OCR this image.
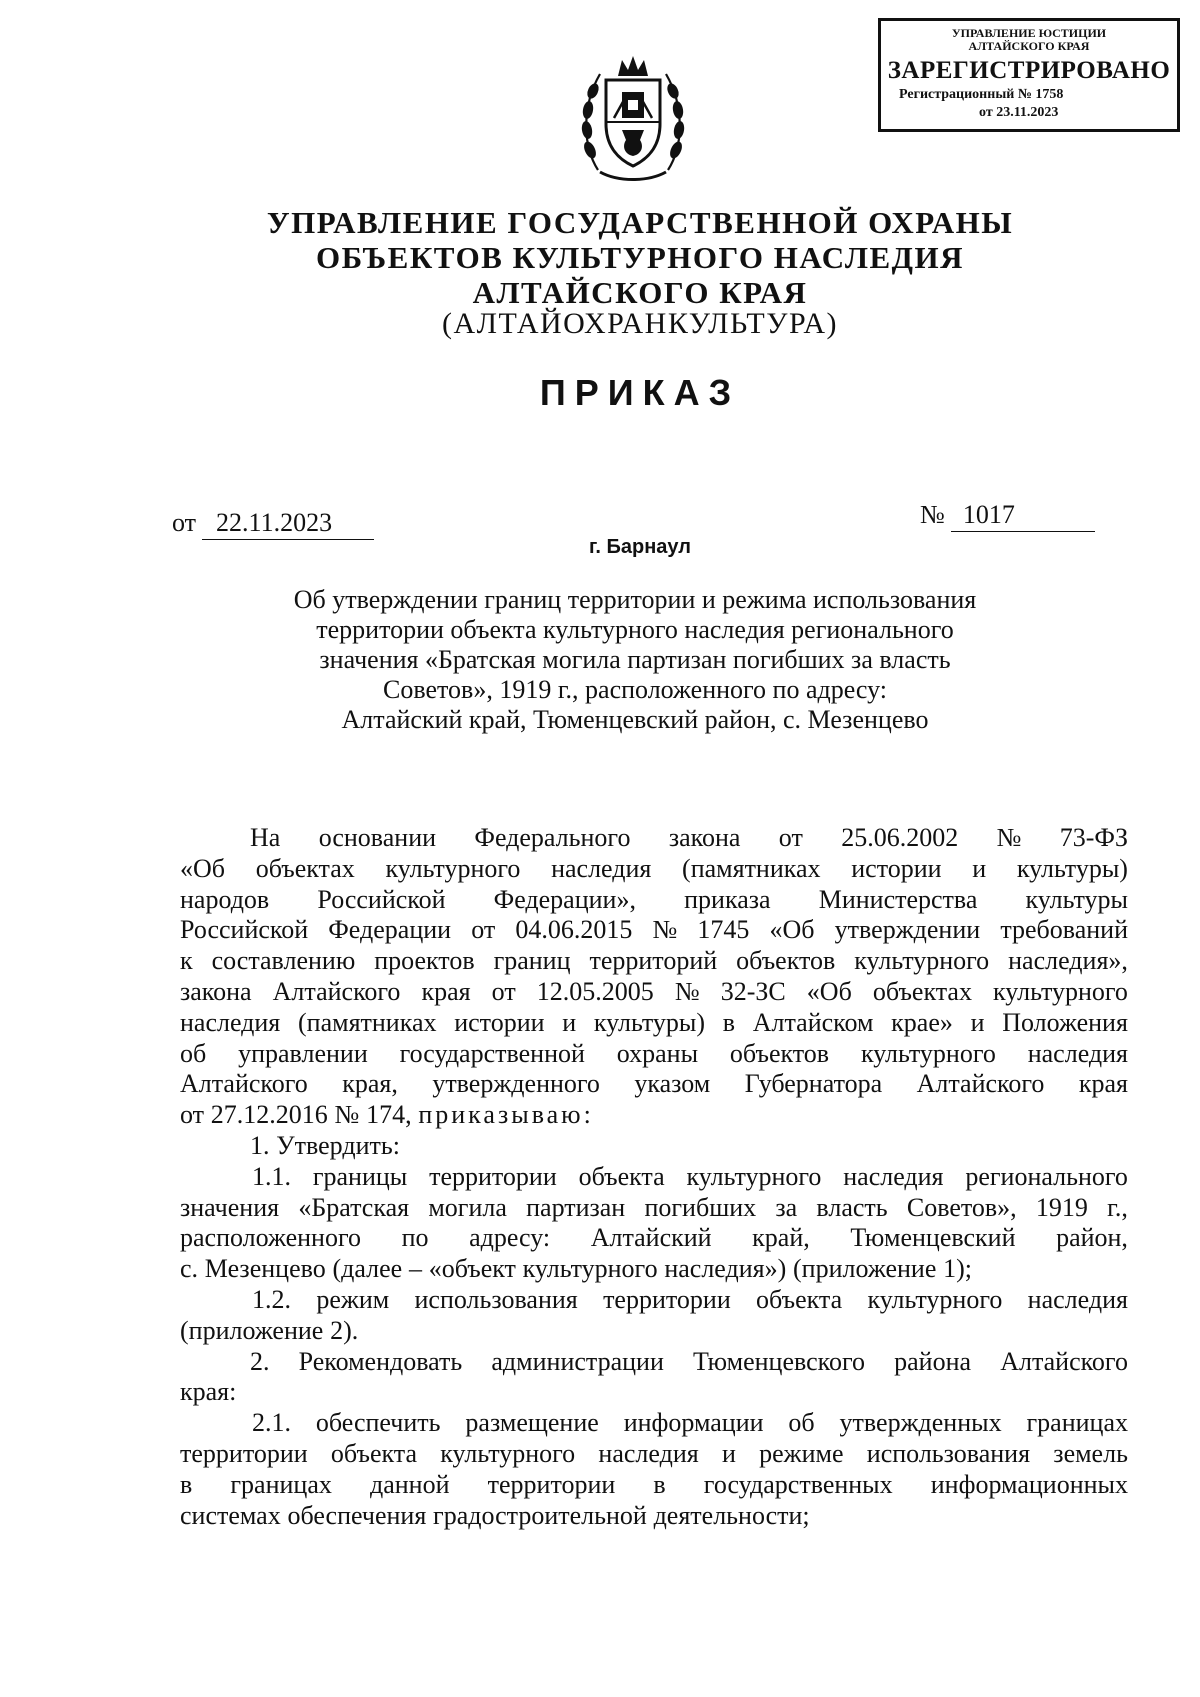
УПРАВЛЕНИЕ ЮСТИЦИИ
АЛТАЙСКОГО КРАЯ
ЗАРЕГИСТРИРОВАНО
Регистрационный № 1758
от 23.11.2023
УПРАВЛЕНИЕ ГОСУДАРСТВЕННОЙ ОХРАНЫ
ОБЪЕКТОВ КУЛЬТУРНОГО НАСЛЕДИЯ
АЛТАЙСКОГО КРАЯ
(АЛТАЙОХРАНКУЛЬТУРА)
ПРИКАЗ
от 22.11.2023	№ 1017
г. Барнаул
Об утверждении границ территории и режима использования
территории объекта культурного наследия регионального
значения «Братская могила партизан погибших за власть
Советов», 1919 г., расположенного по адресу:
Алтайский край, Тюменцевский район, с. Мезенцево
На основании Федерального закона от 25.06.2002 № 73-ФЗ
«Об объектах культурного наследия (памятниках истории и культуры)
народов Российской Федерации», приказа Министерства культуры
Российской Федерации от 04.06.2015 № 1745 «Об утверждении требований
к составлению проектов границ территорий объектов культурного наследия»,
закона Алтайского края от 12.05.2005 № 32-ЗС «Об объектах культурного
наследия (памятниках истории и культуры) в Алтайском крае» и Положения
об управлении государственной охраны объектов культурного наследия
Алтайского края, утвержденного указом Губернатора Алтайского края
от 27.12.2016 № 174, приказываю:
1. Утвердить:
1.1. границы территории объекта культурного наследия регионального
значения «Братская могила партизан погибших за власть Советов», 1919 г.,
расположенного по адресу: Алтайский край, Тюменцевский район,
с. Мезенцево (далее – «объект культурного наследия») (приложение 1);
1.2. режим использования территории объекта культурного наследия
(приложение 2).
2. Рекомендовать администрации Тюменцевского района Алтайского
края:
2.1. обеспечить размещение информации об утвержденных границах
территории объекта культурного наследия и режиме использования земель
в границах данной территории в государственных информационных
системах обеспечения градостроительной деятельности;
